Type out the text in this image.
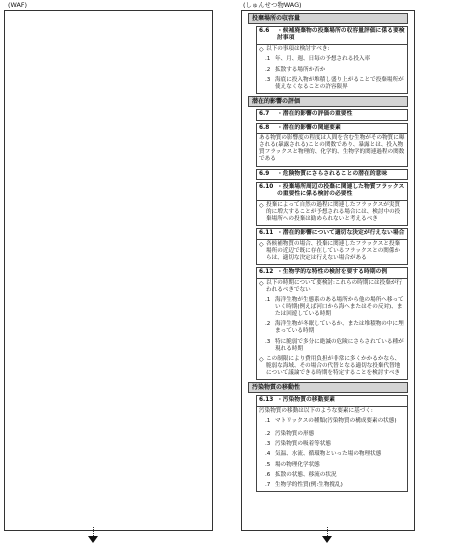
(WAF)	(しゅんせつ物WAG)
投棄場所の収容量
6.6	・候補廃棄物の投棄場所の収容量評価に係る要検討事項
◇ 以下の事項は検討すべき:
.1 年、月、週、日毎の予想される投入率
.2 拡散する場所か否か
.3 海底に投入物が堆積し盛り上がることで投棄場所が使えなくなることの許容限界
潜在的影響の評価
6.7	・潜在的影響の評価の重要性
6.8	・潜在的影響の関連要素
ある物質の影響度の程度は人間を含む生物がその物質に曝される(暴露される)ことの関数であり、暴露とは、投入物質フラックスと物理的、化学的、生物学的関連過程の関数である
6.9	・危険物質にさらされることの潜在的意味
6.10 ・投棄場所周辺の投棄に関連した物質フラックスの重要性に係る検討の必要性
◇ 投棄によって自然の過程に関連したフラックスが実質的に増大することが予想される場合には、検討中の投棄場所への投棄は勧められないと考えるべき
6.11 ・潜在的影響について適切な決定が行えない場合
◇ 各候補物質の場合、投棄に関連したフラックスと投棄場所の近辺で既に存在しているフラックスとの関係からは、適切な決定は行えない場合がある
6.12 ・生物学的な特性の検討を要する時期の例
◇ 以下の時期について要検討:これらの時期には投棄が行われるべきでない
.1 海洋生物が生態系のある場所から他の場所へ移っていく時期(例えば河口から海へまたはその反対)、または回遊している時期
.2 海洋生物が冬眠しているか、または堆積物の中に埋まっている時期
.3 特に脆弱で多分に絶滅の危険にさらされている種が現れる時期
◇ この制限により費用負担が非常に多くかかるかなら、脆弱な海域、その場合の代替となる適切な投棄代替地について議論できる時期を特定することを検討すべき
汚染物質の移動性
6.13 ・汚染物質の移動要素
汚染物質の移動は以下のような要素に基づく:
.1 マトリックスの種類(汚染物質の構成要素の状態)
.2 汚染物質の形態
.3 汚染物質の吸着等状態
.4 気温、水流、循環物といった場の物理状態
.5 場の物理化学状態
.6 拡散の状態、移流の状況
.7 生物学的性質(例:生物撹乱)
